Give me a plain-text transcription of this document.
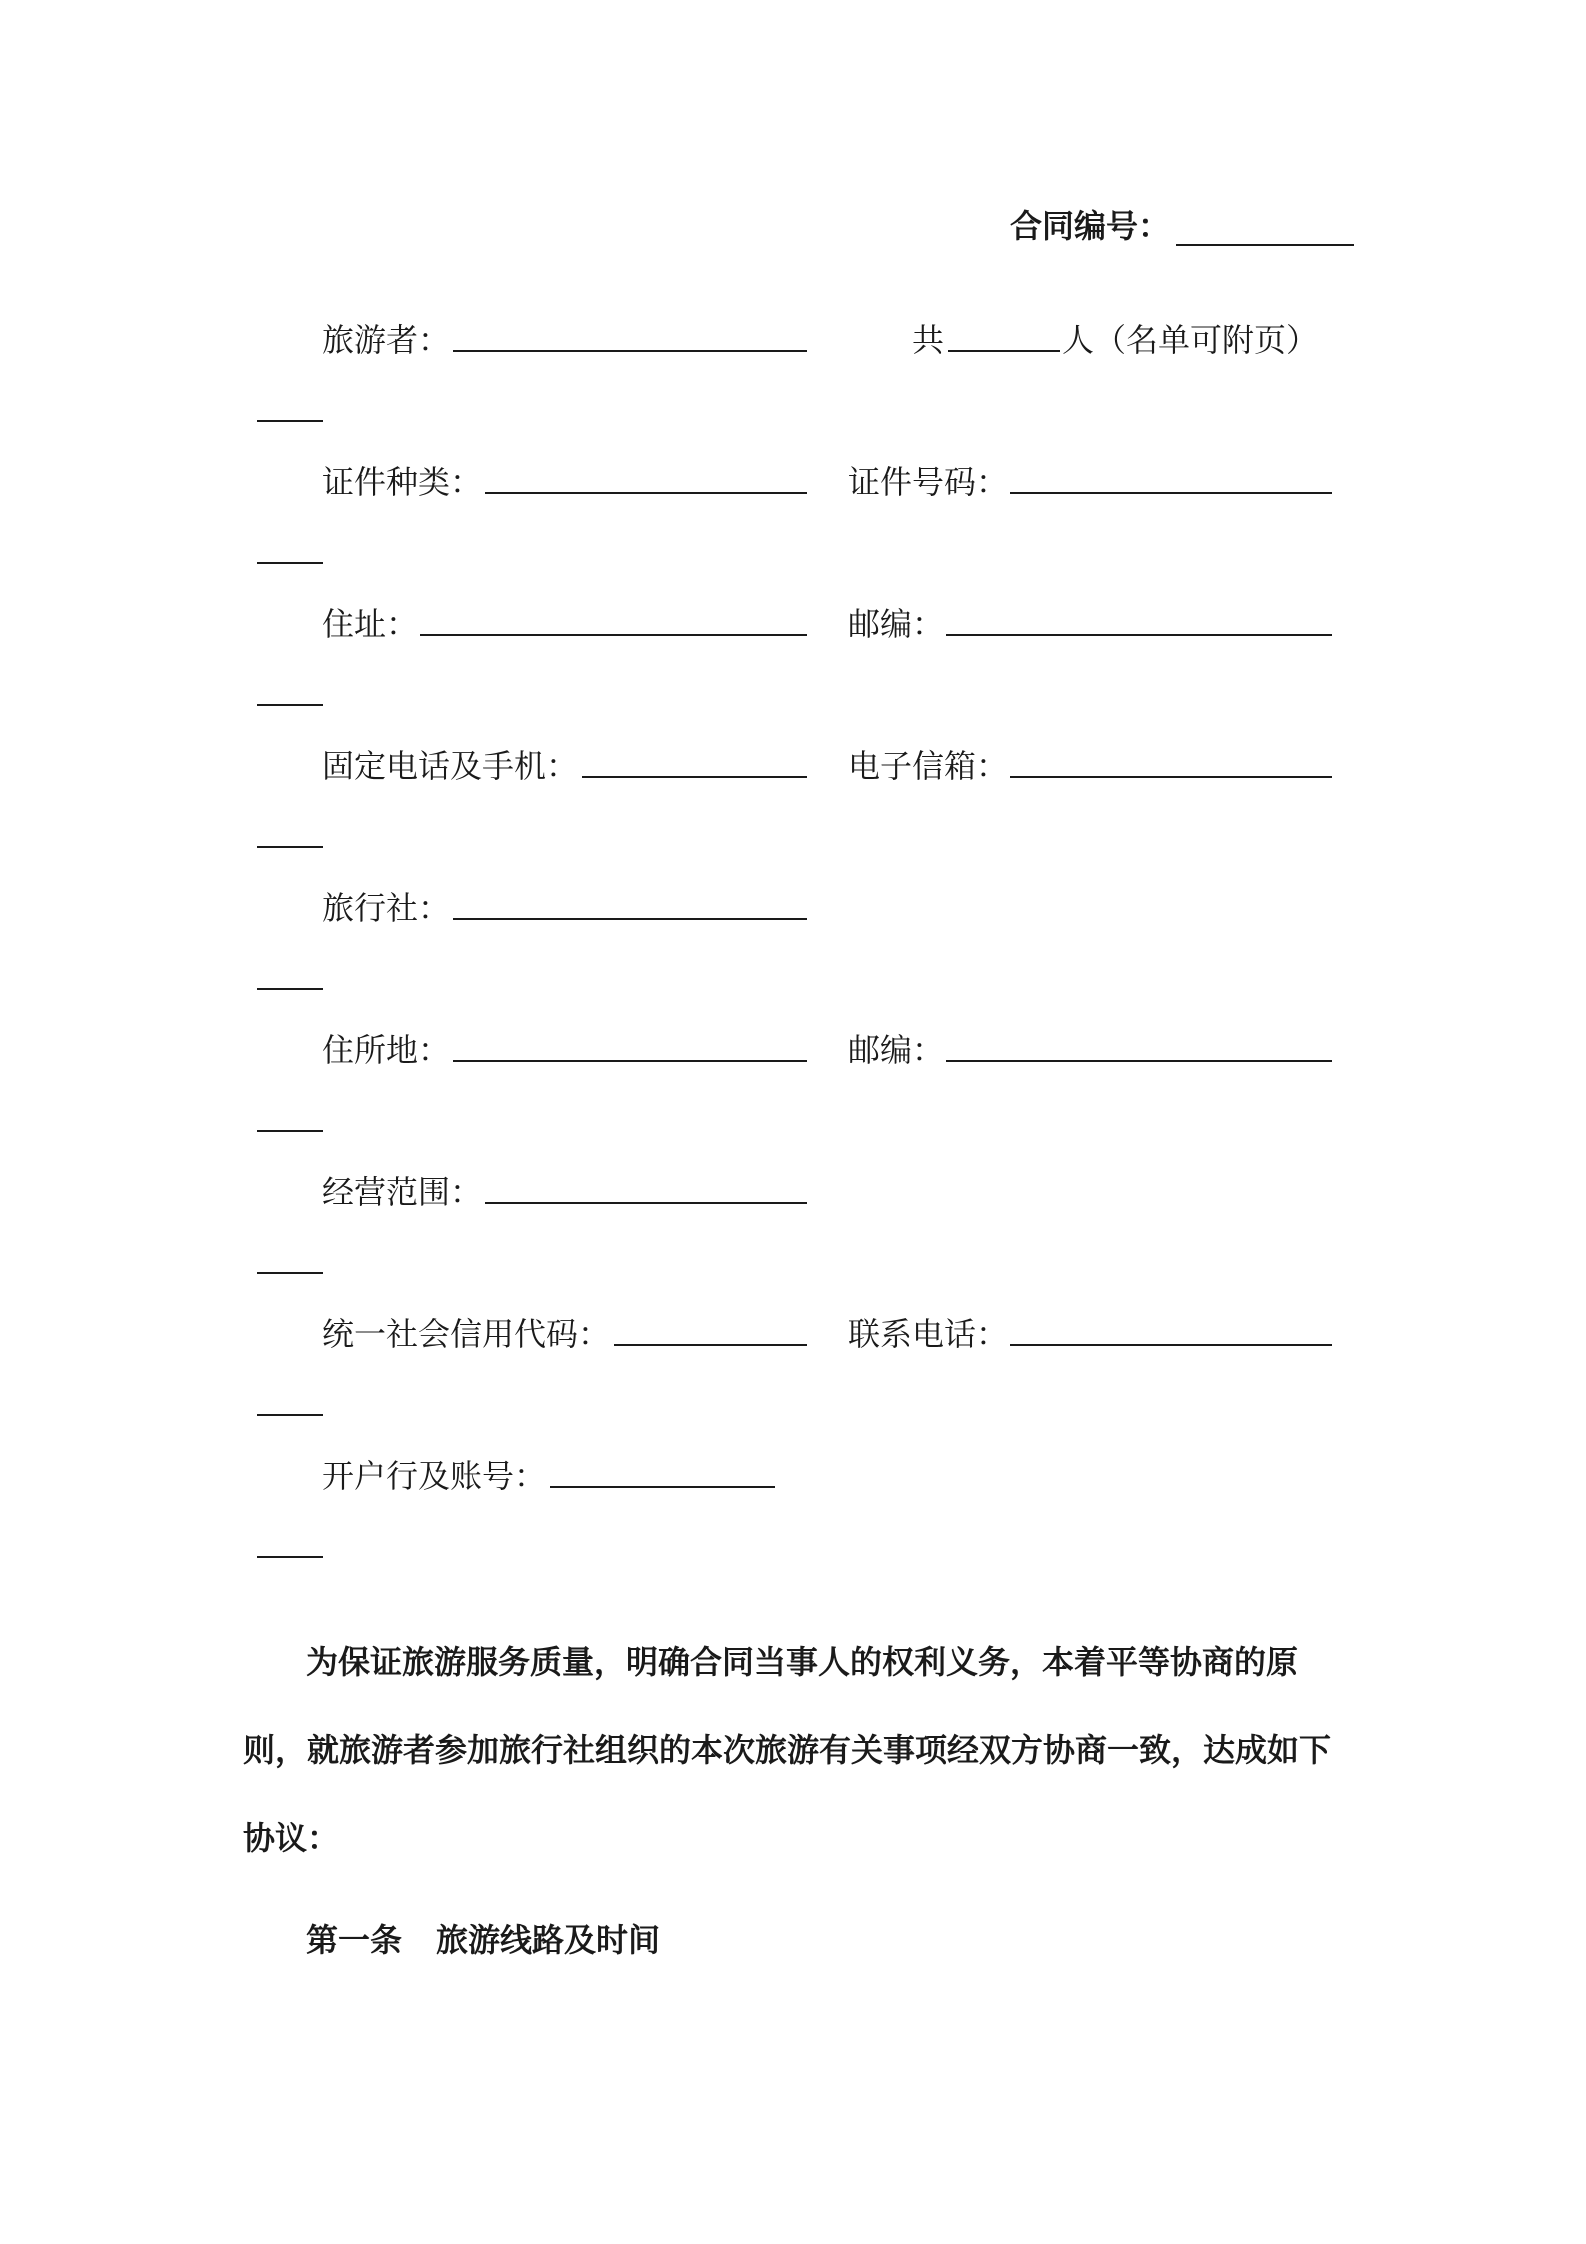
合同编号：
旅游者：	共	人（名单可附页）
证件种类：	证件号码：
住址：	邮编：
固定电话及手机：	电子信箱：
旅行社：
住所地：	邮编：
经营范围：
统一社会信用代码：	联系电话：
开户行及账号：
为保证旅游服务质量，明确合同当事人的权利义务，本着平等协商的原
则，就旅游者参加旅行社组织的本次旅游有关事项经双方协商一致，达成如下
协议：
第一条 旅游线路及时间
